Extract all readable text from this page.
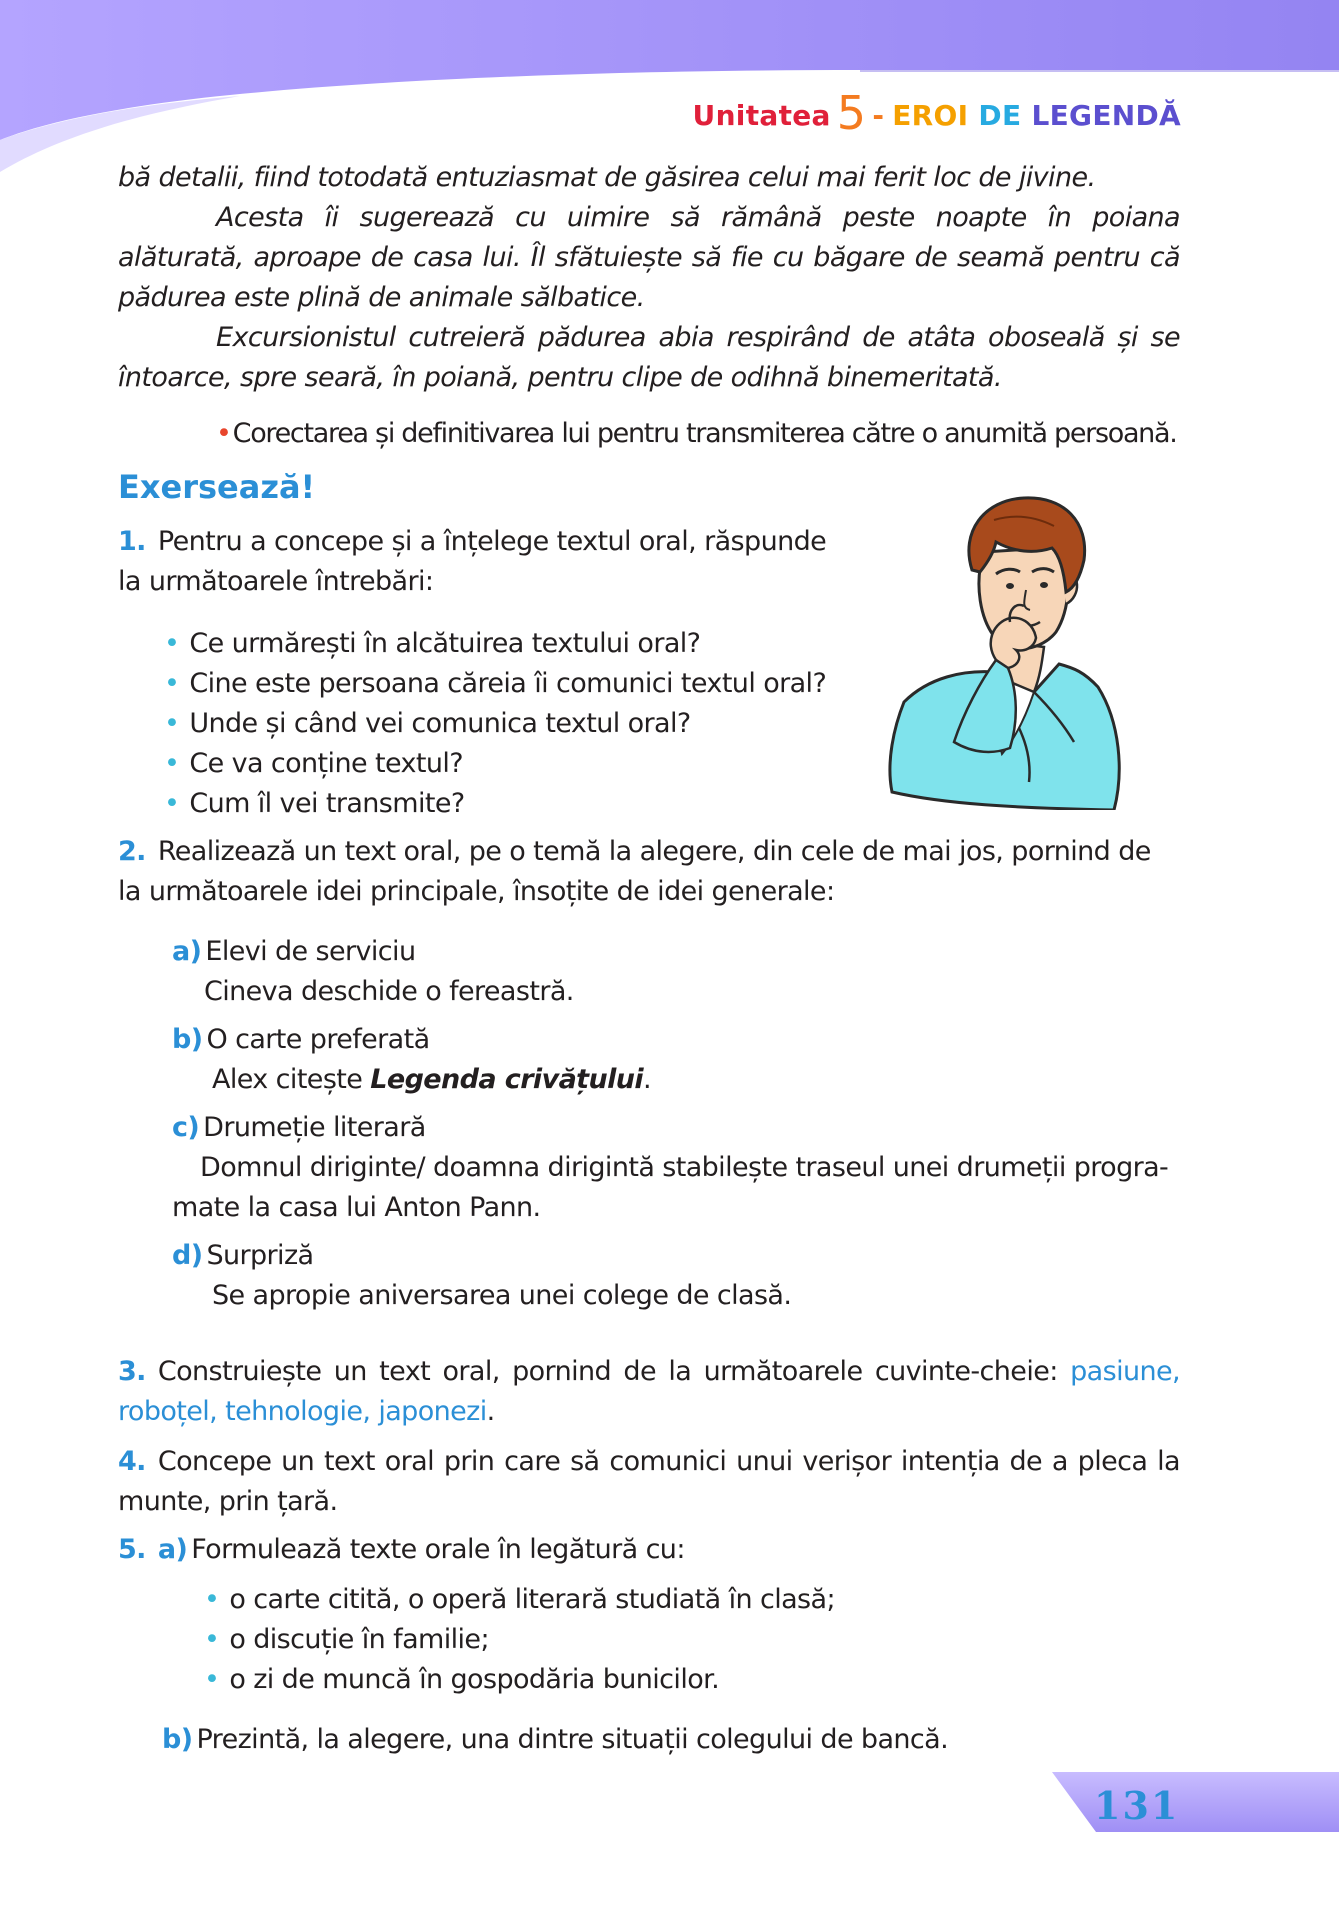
Unitatea 5 - EROI DE LEGENDĂ
bă detalii, fiind totodată entuziasmat de găsirea celui mai ferit loc de jivine.
Acesta îi sugerează cu uimire să rămână peste noapte în poiana alăturată, aproape de casa lui. Îl sfătuiește să fie cu băgare de seamă pentru că pădurea este plină de animale sălbatice.
Excursionistul cutreieră pădurea abia respirând de atâta oboseală și se întoarce, spre seară, în poiană, pentru clipe de odihnă binemeritată.
•Corectarea și definitivarea lui pentru transmiterea către o anumită persoană.
Exersează!
1. Pentru a concepe și a înțelege textul oral, răspunde
la următoarele întrebări:
• Ce urmărești în alcătuirea textului oral?
• Cine este persoana căreia îi comunici textul oral?
• Unde și când vei comunica textul oral?
• Ce va conține textul?
• Cum îl vei transmite?
2. Realizează un text oral, pe o temă la alegere, din cele de mai jos, pornind de la următoarele idei principale, însoțite de idei generale:
a) Elevi de serviciu
Cineva deschide o fereastră.
b) O carte preferată
Alex citește Legenda crivățului.
c) Drumeție literară
Domnul diriginte/ doamna dirigintă stabilește traseul unei drumeții progra-
mate la casa lui Anton Pann.
d) Surpriză
Se apropie aniversarea unei colege de clasă.
3. Construiește un text oral, pornind de la următoarele cuvinte-cheie: pasiune, roboțel, tehnologie, japonezi.
4. Concepe un text oral prin care să comunici unui verișor intenția de a pleca la munte, prin țară.
5. a) Formulează texte orale în legătură cu:
• o carte citită, o operă literară studiată în clasă;
• o discuție în familie;
• o zi de muncă în gospodăria bunicilor.
b) Prezintă, la alegere, una dintre situații colegului de bancă.
131
